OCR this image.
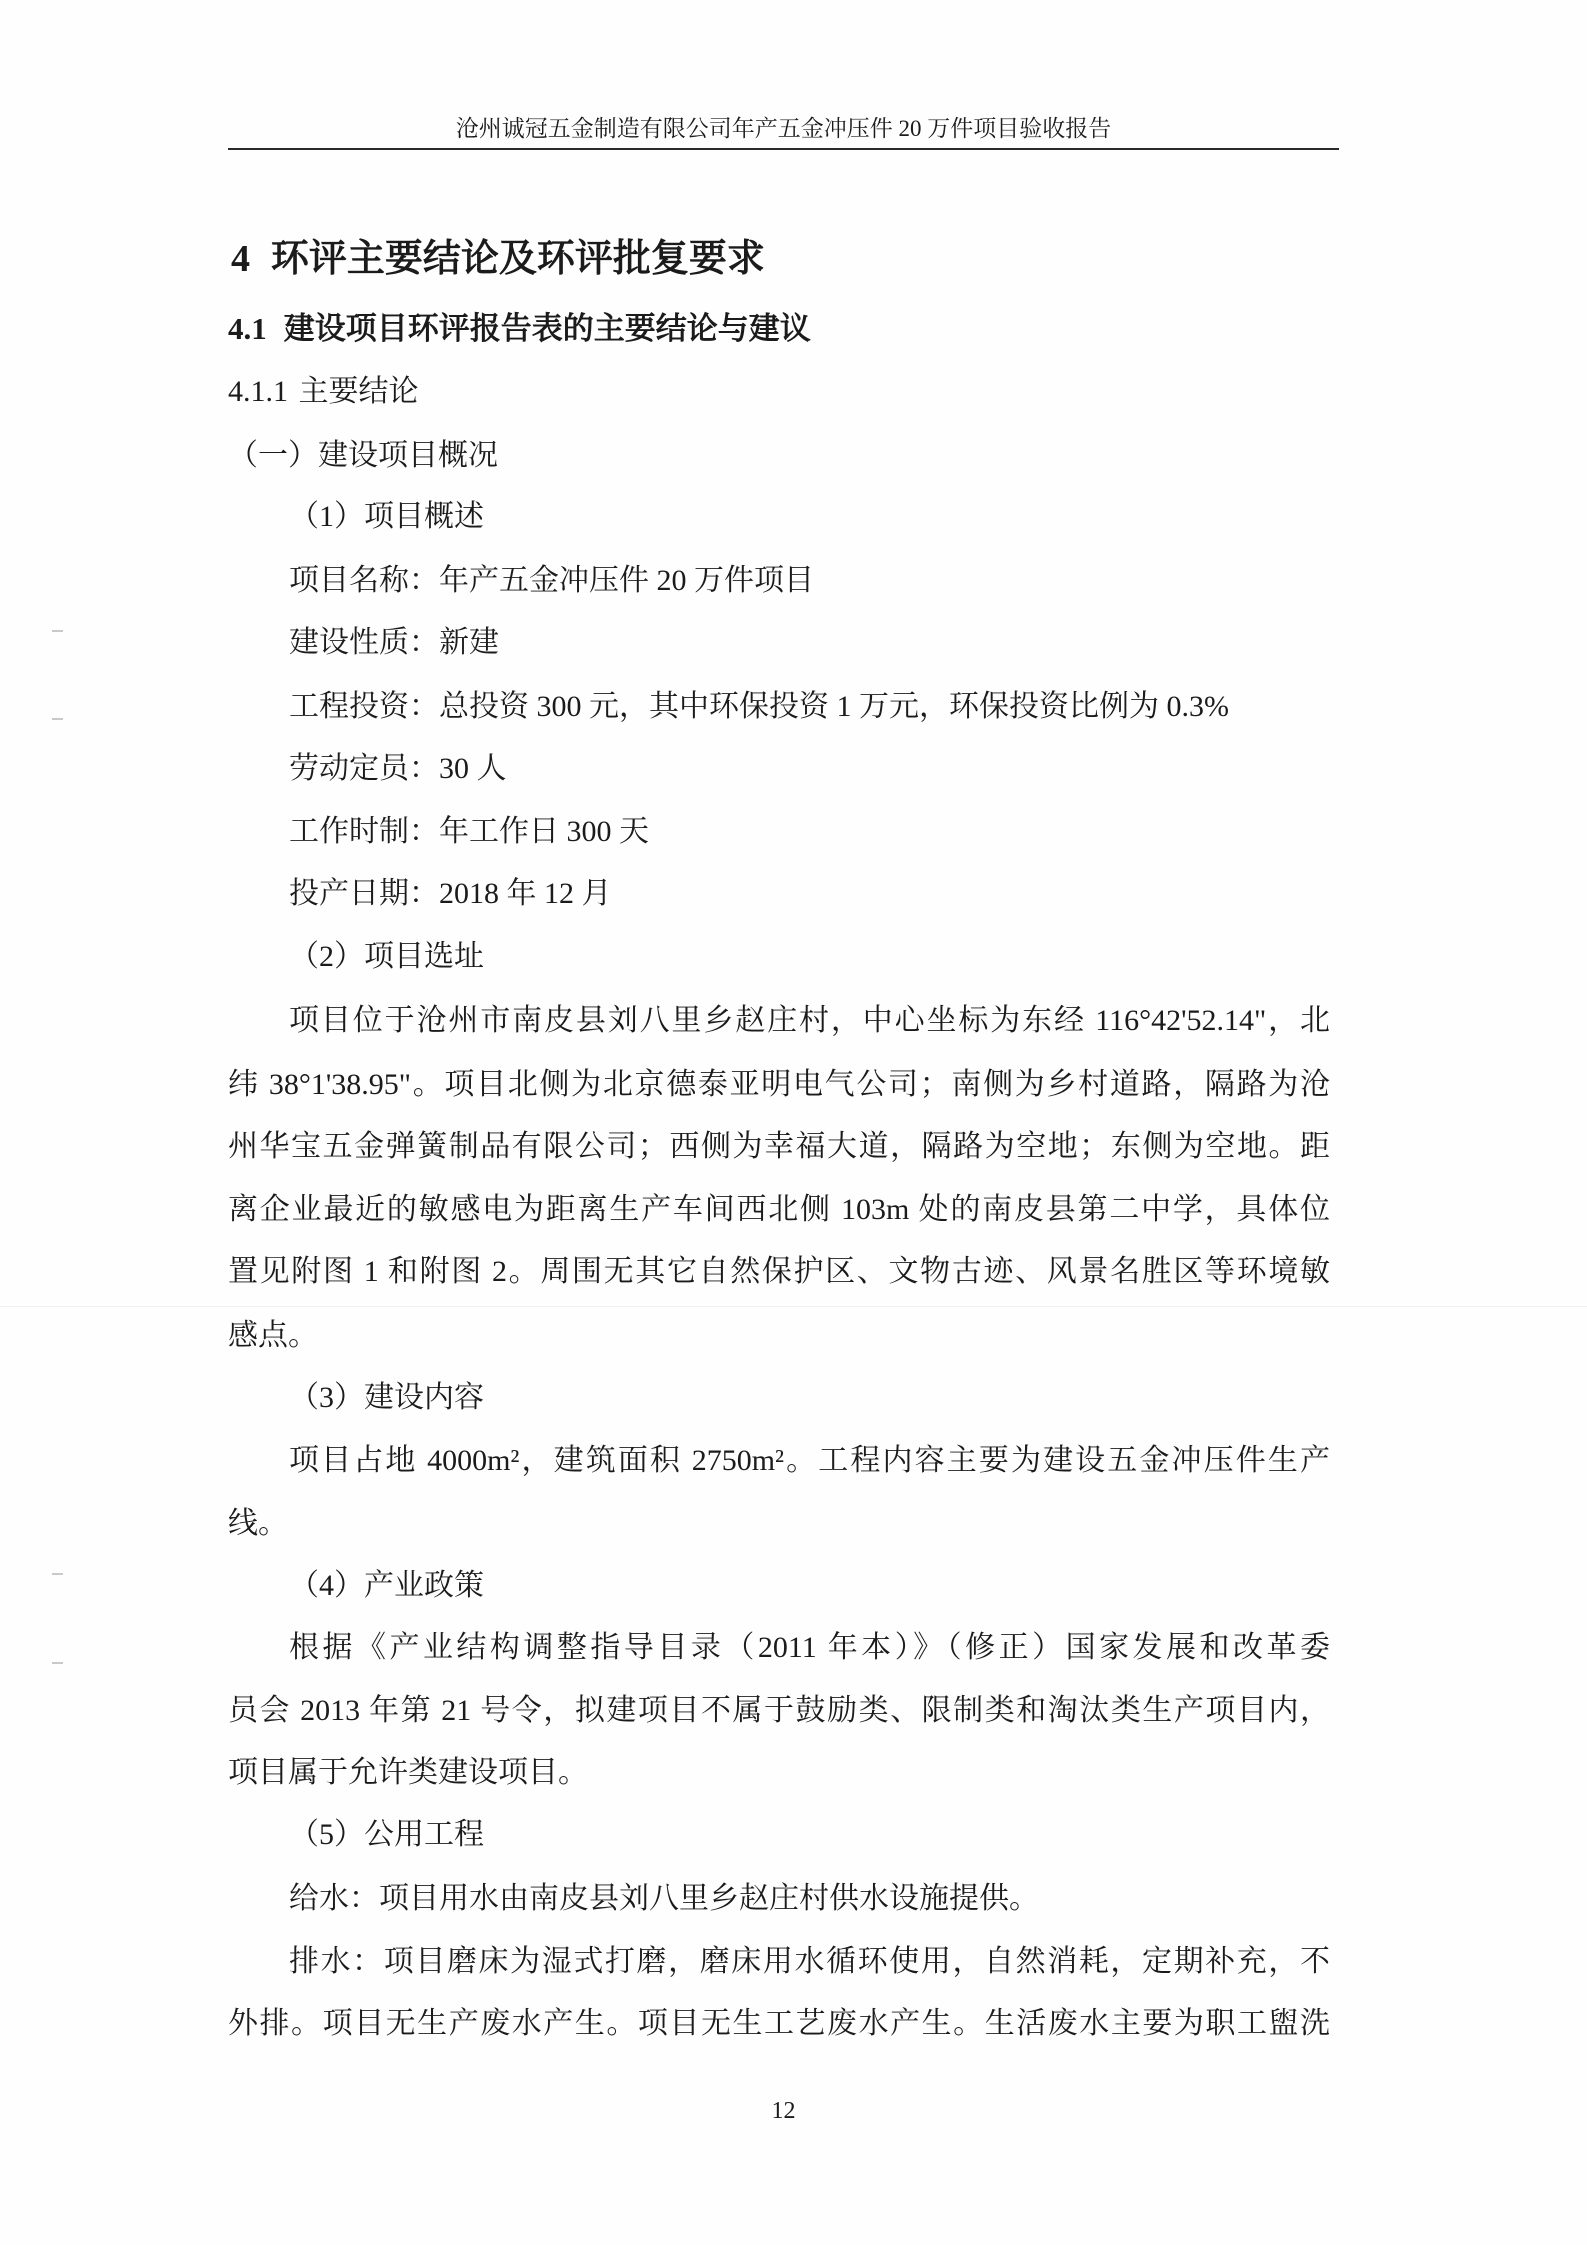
沧州诚冠五金制造有限公司年产五金冲压件 20 万件项目验收报告
4 环评主要结论及环评批复要求
4.1 建设项目环评报告表的主要结论与建议
4.1.1 主要结论
（一）建设项目概况
（1）项目概述
项目名称：年产五金冲压件 20 万件项目
建设性质：新建
工程投资：总投资 300 元，其中环保投资 1 万元，环保投资比例为 0.3%
劳动定员：30 人
工作时制：年工作日 300 天
投产日期：2018 年 12 月
（2）项目选址
项目位于沧州市南皮县刘八里乡赵庄村，中心坐标为东经 116°42'52.14"，北
纬 38°1'38.95"。项目北侧为北京德泰亚明电气公司；南侧为乡村道路，隔路为沧
州华宝五金弹簧制品有限公司；西侧为幸福大道，隔路为空地；东侧为空地。距
离企业最近的敏感电为距离生产车间西北侧 103m 处的南皮县第二中学，具体位
置见附图 1 和附图 2。周围无其它自然保护区、文物古迹、风景名胜区等环境敏
感点。
（3）建设内容
项目占地 4000m²，建筑面积 2750m²。工程内容主要为建设五金冲压件生产
线。
（4）产业政策
根据《产业结构调整指导目录（2011 年本）》（修正）国家发展和改革委
员会 2013 年第 21 号令，拟建项目不属于鼓励类、限制类和淘汰类生产项目内，
项目属于允许类建设项目。
（5）公用工程
给水：项目用水由南皮县刘八里乡赵庄村供水设施提供。
排水：项目磨床为湿式打磨，磨床用水循环使用，自然消耗，定期补充，不
外排。项目无生产废水产生。项目无生工艺废水产生。生活废水主要为职工盥洗
12
